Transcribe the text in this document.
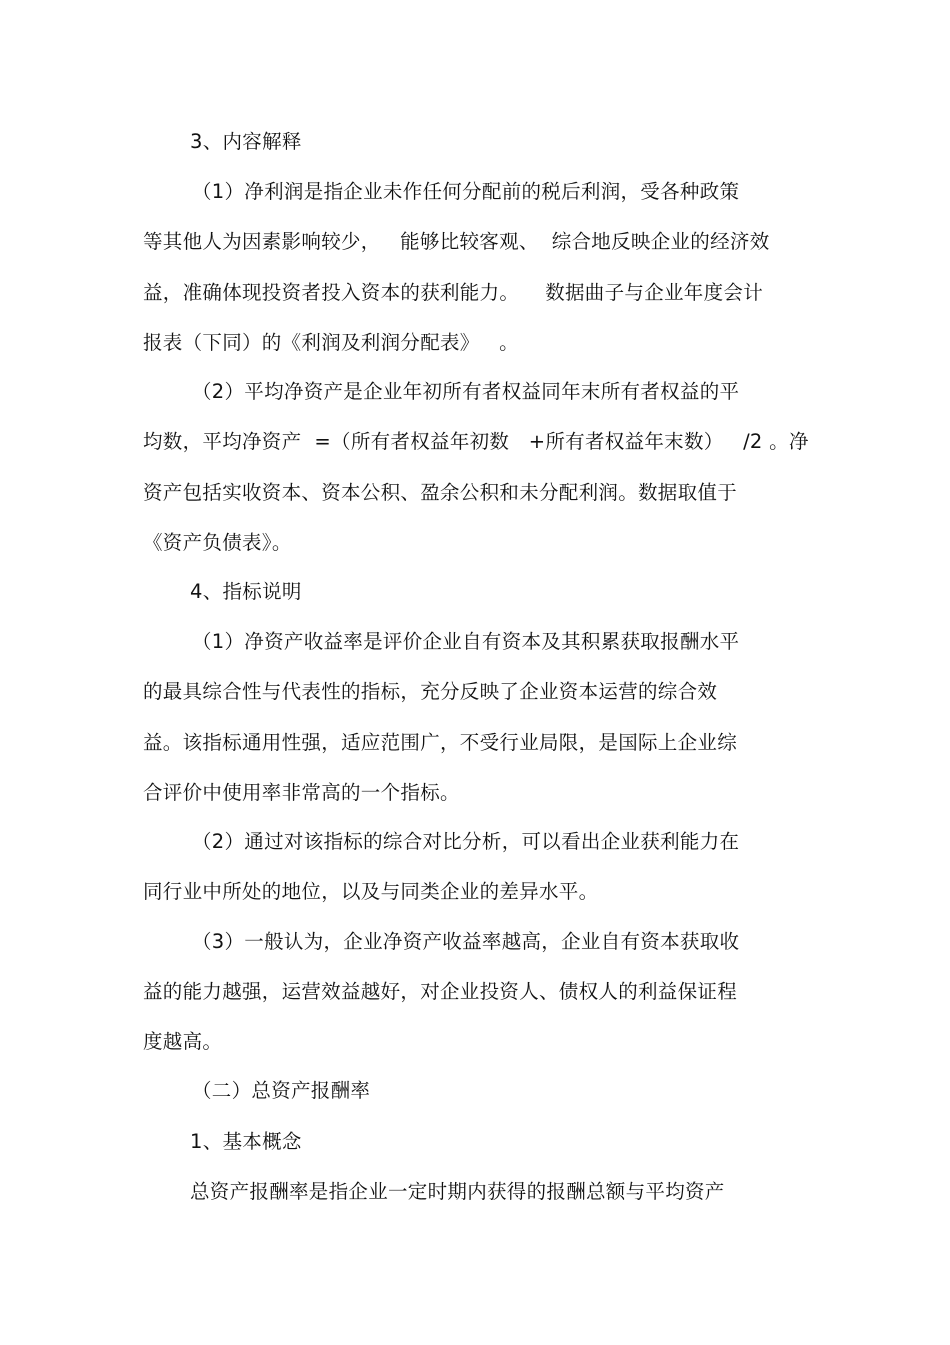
3、内容解释
（1）净利润是指企业未作任何分配前的税后利润，受各种政策
等其他人为因素影响较少，   能够比较客观、  综合地反映企业的经济效
益，准确体现投资者投入资本的获利能力。    数据曲子与企业年度会计
报表（下同）的《利润及利润分配表》   。
（2）平均净资产是企业年初所有者权益同年末所有者权益的平
均数，平均净资产  =（所有者权益年初数   +所有者权益年末数）   /2 。净
资产包括实收资本、资本公积、盈余公积和未分配利润。数据取值于
《资产负债表》。
4、指标说明
（1）净资产收益率是评价企业自有资本及其积累获取报酬水平
的最具综合性与代表性的指标，充分反映了企业资本运营的综合效
益。该指标通用性强，适应范围广，不受行业局限，是国际上企业综
合评价中使用率非常高的一个指标。
（2）通过对该指标的综合对比分析，可以看出企业获利能力在
同行业中所处的地位，以及与同类企业的差异水平。
（3）一般认为，企业净资产收益率越高，企业自有资本获取收
益的能力越强，运营效益越好，对企业投资人、债权人的利益保证程
度越高。
（二）总资产报酬率
1、基本概念
总资产报酬率是指企业一定时期内获得的报酬总额与平均资产
